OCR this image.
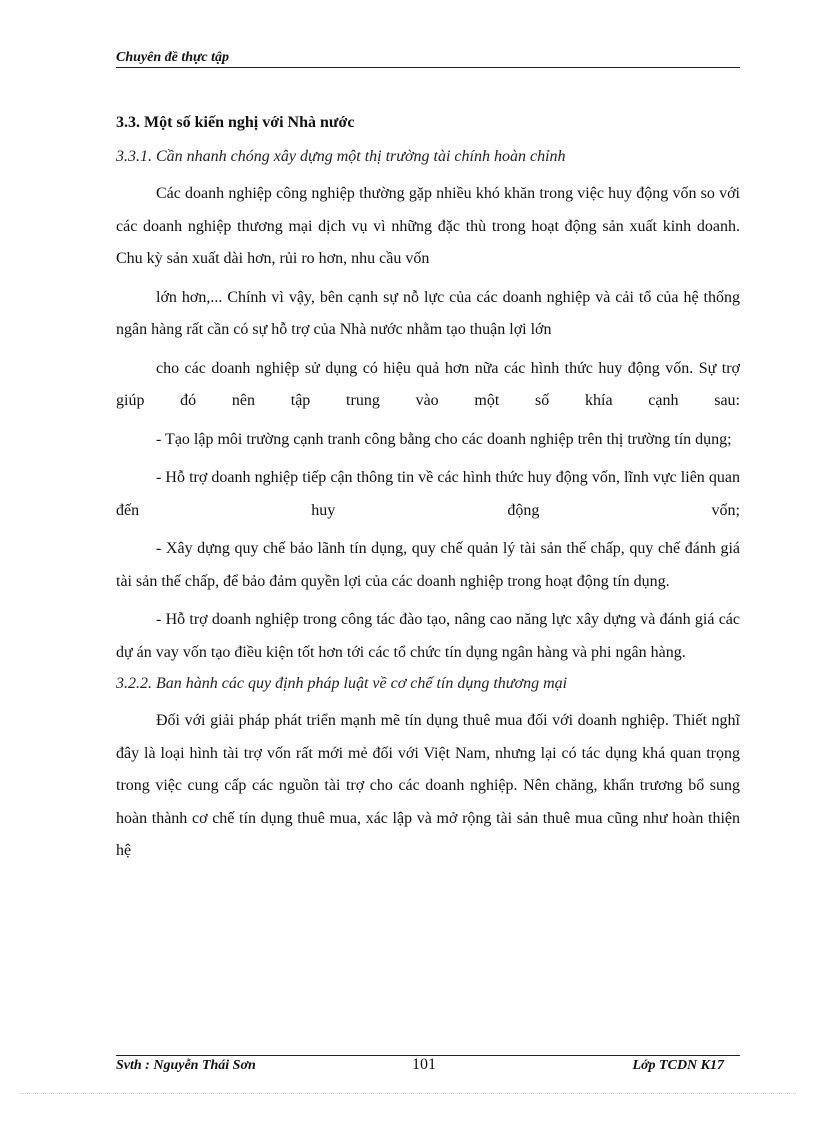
Chuyên đề thực tập
3.3. Một số kiến nghị với Nhà nước
3.3.1. Cần nhanh chóng xây dựng một thị trường tài chính hoàn chỉnh

Các doanh nghiệp công nghiệp thường gặp nhiều khó khăn trong việc huy động vốn so với các doanh nghiệp thương mại dịch vụ vì những đặc thù trong hoạt động sản xuất kinh doanh. Chu kỳ sản xuất dài hơn, rủi ro hơn, nhu cầu vốn

lớn hơn,... Chính vì vậy, bên cạnh sự nỗ lực của các doanh nghiệp và cải tổ của hệ thống ngân hàng rất cần có sự hỗ trợ của Nhà nước nhằm tạo thuận lợi lớn

cho các doanh nghiệp sử dụng có hiệu quả hơn nữa các hình thức huy động vốn. Sự trợ giúp đó nên tập trung vào một số khía cạnh sau:

- Tạo lập môi trường cạnh tranh công bằng cho các doanh nghiệp trên thị trường tín dụng;

- Hỗ trợ doanh nghiệp tiếp cận thông tin về các hình thức huy động vốn, lĩnh vực liên quan đến huy động vốn;

- Xây dựng quy chế bảo lãnh tín dụng, quy chế quản lý tài sản thế chấp, quy chế đánh giá tài sản thế chấp, để bảo đảm quyền lợi của các doanh nghiệp trong hoạt động tín dụng.

- Hỗ trợ doanh nghiệp trong công tác đào tạo, nâng cao năng lực xây dựng và đánh giá các dự án vay vốn tạo điều kiện tốt hơn tới các tổ chức tín dụng ngân hàng và phi ngân hàng.

3.2.2. Ban hành các quy định pháp luật về cơ chế tín dụng thương mại

Đối với giải pháp phát triển mạnh mẽ tín dụng thuê mua đối với doanh nghiệp. Thiết nghĩ đây là loại hình tài trợ vốn rất mới mẻ đối với Việt Nam, nhưng lại có tác dụng khá quan trọng trong việc cung cấp các nguồn tài trợ cho các doanh nghiệp. Nên chăng, khẩn trương bổ sung hoàn thành cơ chế tín dụng thuê mua, xác lập và mở rộng tài sản thuê mua cũng như hoàn thiện hệ

Svth : Nguyễn Thái Sơn	101	Lớp TCDN K17
